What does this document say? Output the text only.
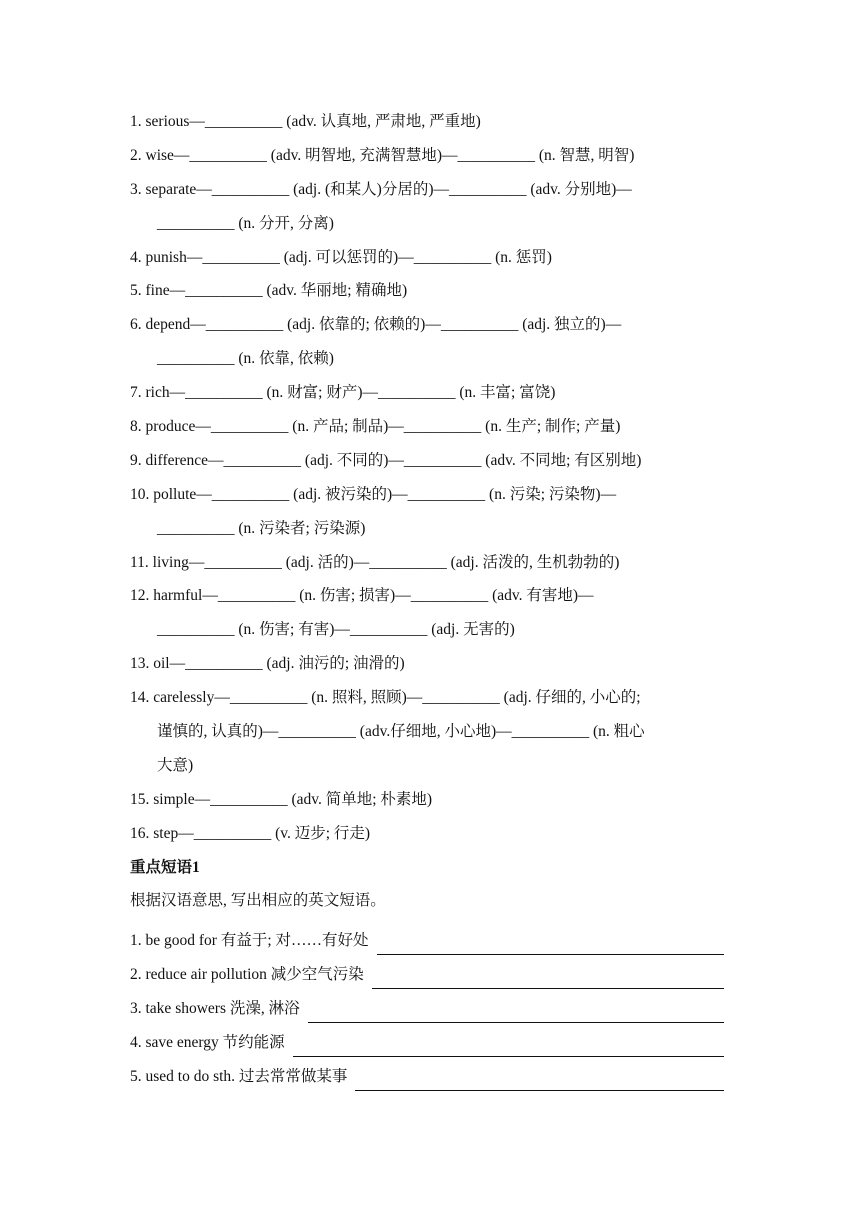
1. serious—__________ (adv. 认真地, 严肃地, 严重地)
2. wise—__________ (adv. 明智地, 充满智慧地)—__________ (n. 智慧, 明智)
3. separate—__________ (adj. (和某人)分居的)—__________ (adv. 分别地)—
__________ (n. 分开, 分离)
4. punish—__________ (adj. 可以惩罚的)—__________ (n. 惩罚)
5. fine—__________ (adv. 华丽地; 精确地)
6. depend—__________ (adj. 依靠的; 依赖的)—__________ (adj. 独立的)—
__________ (n. 依靠, 依赖)
7. rich—__________ (n. 财富; 财产)—__________ (n. 丰富; 富饶)
8. produce—__________ (n. 产品; 制品)—__________ (n. 生产; 制作; 产量)
9. difference—__________ (adj. 不同的)—__________ (adv. 不同地; 有区别地)
10. pollute—__________ (adj. 被污染的)—__________ (n. 污染; 污染物)—
__________ (n. 污染者; 污染源)
11. living—__________ (adj. 活的)—__________ (adj. 活泼的, 生机勃勃的)
12. harmful—__________ (n. 伤害; 损害)—__________ (adv. 有害地)—
__________ (n. 伤害; 有害)—__________ (adj. 无害的)
13. oil—__________ (adj. 油污的; 油滑的)
14. carelessly—__________ (n. 照料, 照顾)—__________ (adj. 仔细的, 小心的;
谨慎的, 认真的)—__________ (adv.仔细地, 小心地)—__________ (n. 粗心
大意)
15. simple—__________ (adv. 简单地; 朴素地)
16. step—__________ (v. 迈步; 行走)
重点短语1
根据汉语意思, 写出相应的英文短语。
1. be good for 有益于; 对……有好处
2. reduce air pollution 减少空气污染
3. take showers 洗澡, 淋浴
4. save energy 节约能源
5. used to do sth. 过去常常做某事
